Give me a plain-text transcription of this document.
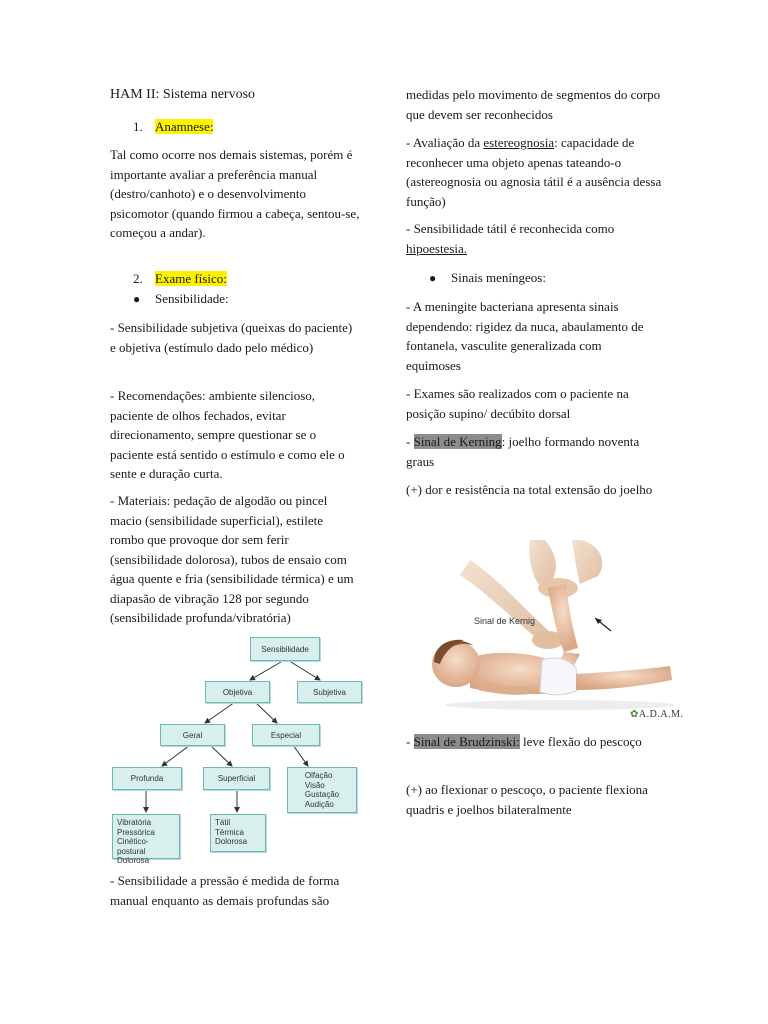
HAM II: Sistema nervoso

1. Anamnese:

Tal como ocorre nos demais sistemas, porém é importante avaliar a preferência manual (destro/canhoto) e o desenvolvimento psicomotor (quando firmou a cabeça, sentou-se, começou a andar).

2. Exame físico:

● Sensibilidade:

- Sensibilidade subjetiva (queixas do paciente) e objetiva (estímulo dado pelo médico)

- Recomendações: ambiente silencioso, paciente de olhos fechados, evitar direcionamento, sempre questionar se o paciente está sentido o estímulo e como ele o sente e duração curta.

- Materiais: pedação de algodão ou pincel macio (sensibilidade superficial), estilete rombo que provoque dor sem ferir (sensibilidade dolorosa), tubos de ensaio com água quente e fria (sensibilidade térmica) e um diapasão de vibração 128 por segundo (sensibilidade profunda/vibratória)

- Sensibilidade a pressão é medida de forma manual enquanto as demais profundas são

Sensibilidade
Objetiva	Subjetiva
Geral	Especial
Profunda	Superficial	Olfação
Visão
Gustação
Audição
Vibratória
Pressórica
Cinético-postural
Dolorosa
Tátil
Térmica
Dolorosa

medidas pelo movimento de segmentos do corpo que devem ser reconhecidos

- Avaliação da estereognosia: capacidade de reconhecer uma objeto apenas tateando-o (astereognosia ou agnosia tátil é a ausência dessa função)

- Sensibilidade tátil é reconhecida como hipoestesia.

● Sinais meníngeos:

- A meningite bacteriana apresenta sinais dependendo: rigidez da nuca, abaulamento de fontanela, vasculite generalizada com equimoses

- Exames são realizados com o paciente na posição supino/ decúbito dorsal

- Sinal de Kerning: joelho formando noventa graus

(+) dor e resistência na total extensão do joelho

- Sinal de Brudzinski: leve flexão do pescoço

(+) ao flexionar o pescoço, o paciente flexiona quadris e joelhos bilateralmente

Sinal de Kernig
✿A.D.A.M.
